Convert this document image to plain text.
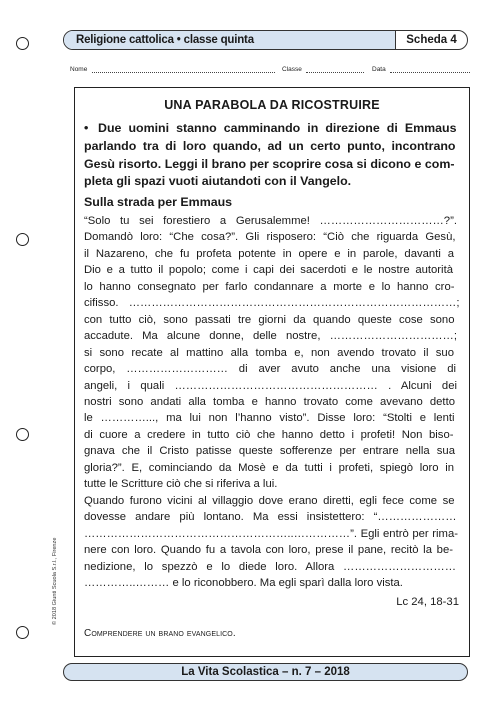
Religione cattolica • classe quinta	Scheda 4
Nome	Classe	Data
UNA PARABOLA DA RICOSTRUIRE
• Due uomini stanno camminando in direzione di Emmaus
parlando tra di loro quando, ad un certo punto, incontrano
Gesù risorto. Leggi il brano per scoprire cosa si dicono e com-
pleta gli spazi vuoti aiutandoti con il Vangelo.
Sulla strada per Emmaus
“Solo tu sei forestiero a Gerusalemme! ……………………………?”.
Domandò loro: “Che cosa?”. Gli risposero: “Ciò che riguarda Gesù,
il Nazareno, che fu profeta potente in opere e in parole, davanti a
Dio e a tutto il popolo; come i capi dei sacerdoti e le nostre autorità
lo hanno consegnato per farlo condannare a morte e lo hanno cro-
cifisso. ……………………………………………………………………………;
con tutto ciò, sono passati tre giorni da quando queste cose sono
accadute. Ma alcune donne, delle nostre, ……………………………;
si sono recate al mattino alla tomba e, non avendo trovato il suo
corpo, ……………………… di aver avuto anche una visione di
angeli, i quali ……………………………………………… . Alcuni dei
nostri sono andati alla tomba e hanno trovato come avevano detto
le …………..., ma lui non l’hanno visto”. Disse loro: “Stolti e lenti
di cuore a credere in tutto ciò che hanno detto i profeti! Non biso-
gnava che il Cristo patisse queste sofferenze per entrare nella sua
gloria?”. E, cominciando da Mosè e da tutti i profeti, spiegò loro in
tutte le Scritture ciò che si riferiva a lui.
Quando furono vicini al villaggio dove erano diretti, egli fece come se
dovesse andare più lontano. Ma essi insistettero: “…………………
………………………………………………..……………”. Egli entrò per rima-
nere con loro. Quando fu a tavola con loro, prese il pane, recitò la be-
nedizione, lo spezzò e lo diede loro. Allora …………………………
…………..……… e lo riconobbero. Ma egli sparì dalla loro vista.
Lc 24, 18-31
Comprendere un brano evangelico.
© 2018 Giunti Scuola S.r.l., Firenze
La Vita Scolastica – n. 7 – 2018
